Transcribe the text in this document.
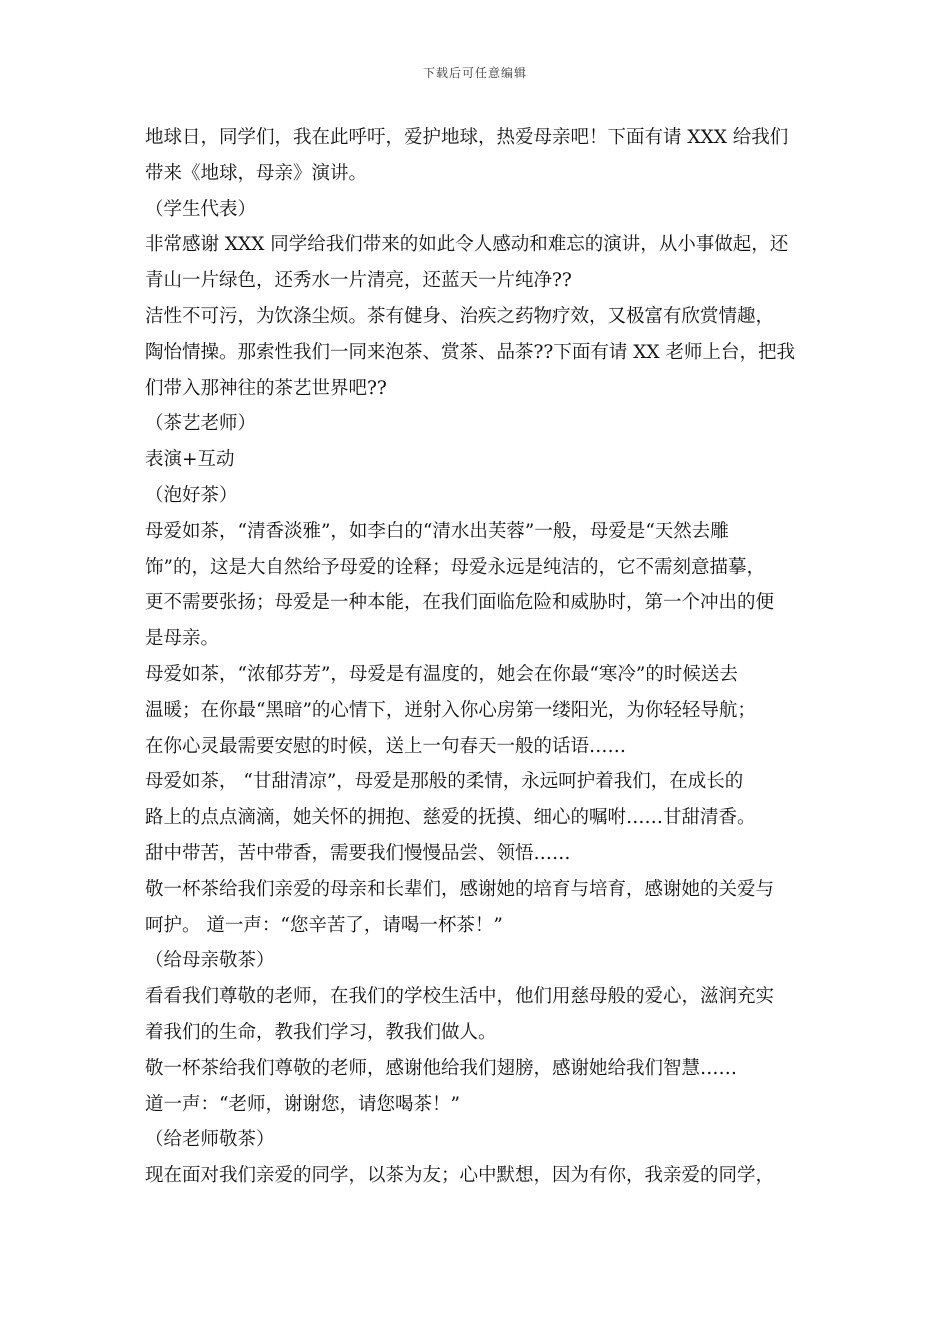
下载后可任意编辑
地球日，同学们，我在此呼吁，爱护地球，热爱母亲吧！下面有请 XXX 给我们
带来《地球，母亲》演讲。
（学生代表）
非常感谢 XXX 同学给我们带来的如此令人感动和难忘的演讲，从小事做起，还
青山一片绿色，还秀水一片清亮，还蓝天一片纯净??
洁性不可污，为饮涤尘烦。茶有健身、治疾之药物疗效，又极富有欣赏情趣，
陶怡情操。那索性我们一同来泡茶、赏茶、品茶??下面有请 XX 老师上台，把我
们带入那神往的茶艺世界吧??
（茶艺老师）
表演+互动
（泡好茶）
母爱如茶，“清香淡雅”，如李白的“清水出芙蓉”一般，母爱是“天然去雕
饰”的，这是大自然给予母爱的诠释；母爱永远是纯洁的，它不需刻意描摹，
更不需要张扬；母爱是一种本能，在我们面临危险和威胁时，第一个冲出的便
是母亲。
母爱如茶，“浓郁芬芳”，母爱是有温度的，她会在你最“寒冷”的时候送去
温暖；在你最“黑暗”的心情下，迸射入你心房第一缕阳光，为你轻轻导航；
在你心灵最需要安慰的时候，送上一句春天一般的话语……
母爱如茶， “甘甜清凉”，母爱是那般的柔情，永远呵护着我们，在成长的
路上的点点滴滴，她关怀的拥抱、慈爱的抚摸、细心的嘱咐……甘甜清香。
甜中带苦，苦中带香，需要我们慢慢品尝、领悟……
敬一杯茶给我们亲爱的母亲和长辈们，感谢她的培育与培育，感谢她的关爱与
呵护。 道一声：“您辛苦了，请喝一杯茶！”
（给母亲敬茶）
看看我们尊敬的老师，在我们的学校生活中，他们用慈母般的爱心，滋润充实
着我们的生命，教我们学习，教我们做人。
敬一杯茶给我们尊敬的老师，感谢他给我们翅膀，感谢她给我们智慧……
道一声：“老师，谢谢您，请您喝茶！”
（给老师敬茶）
现在面对我们亲爱的同学，以茶为友；心中默想，因为有你，我亲爱的同学，
